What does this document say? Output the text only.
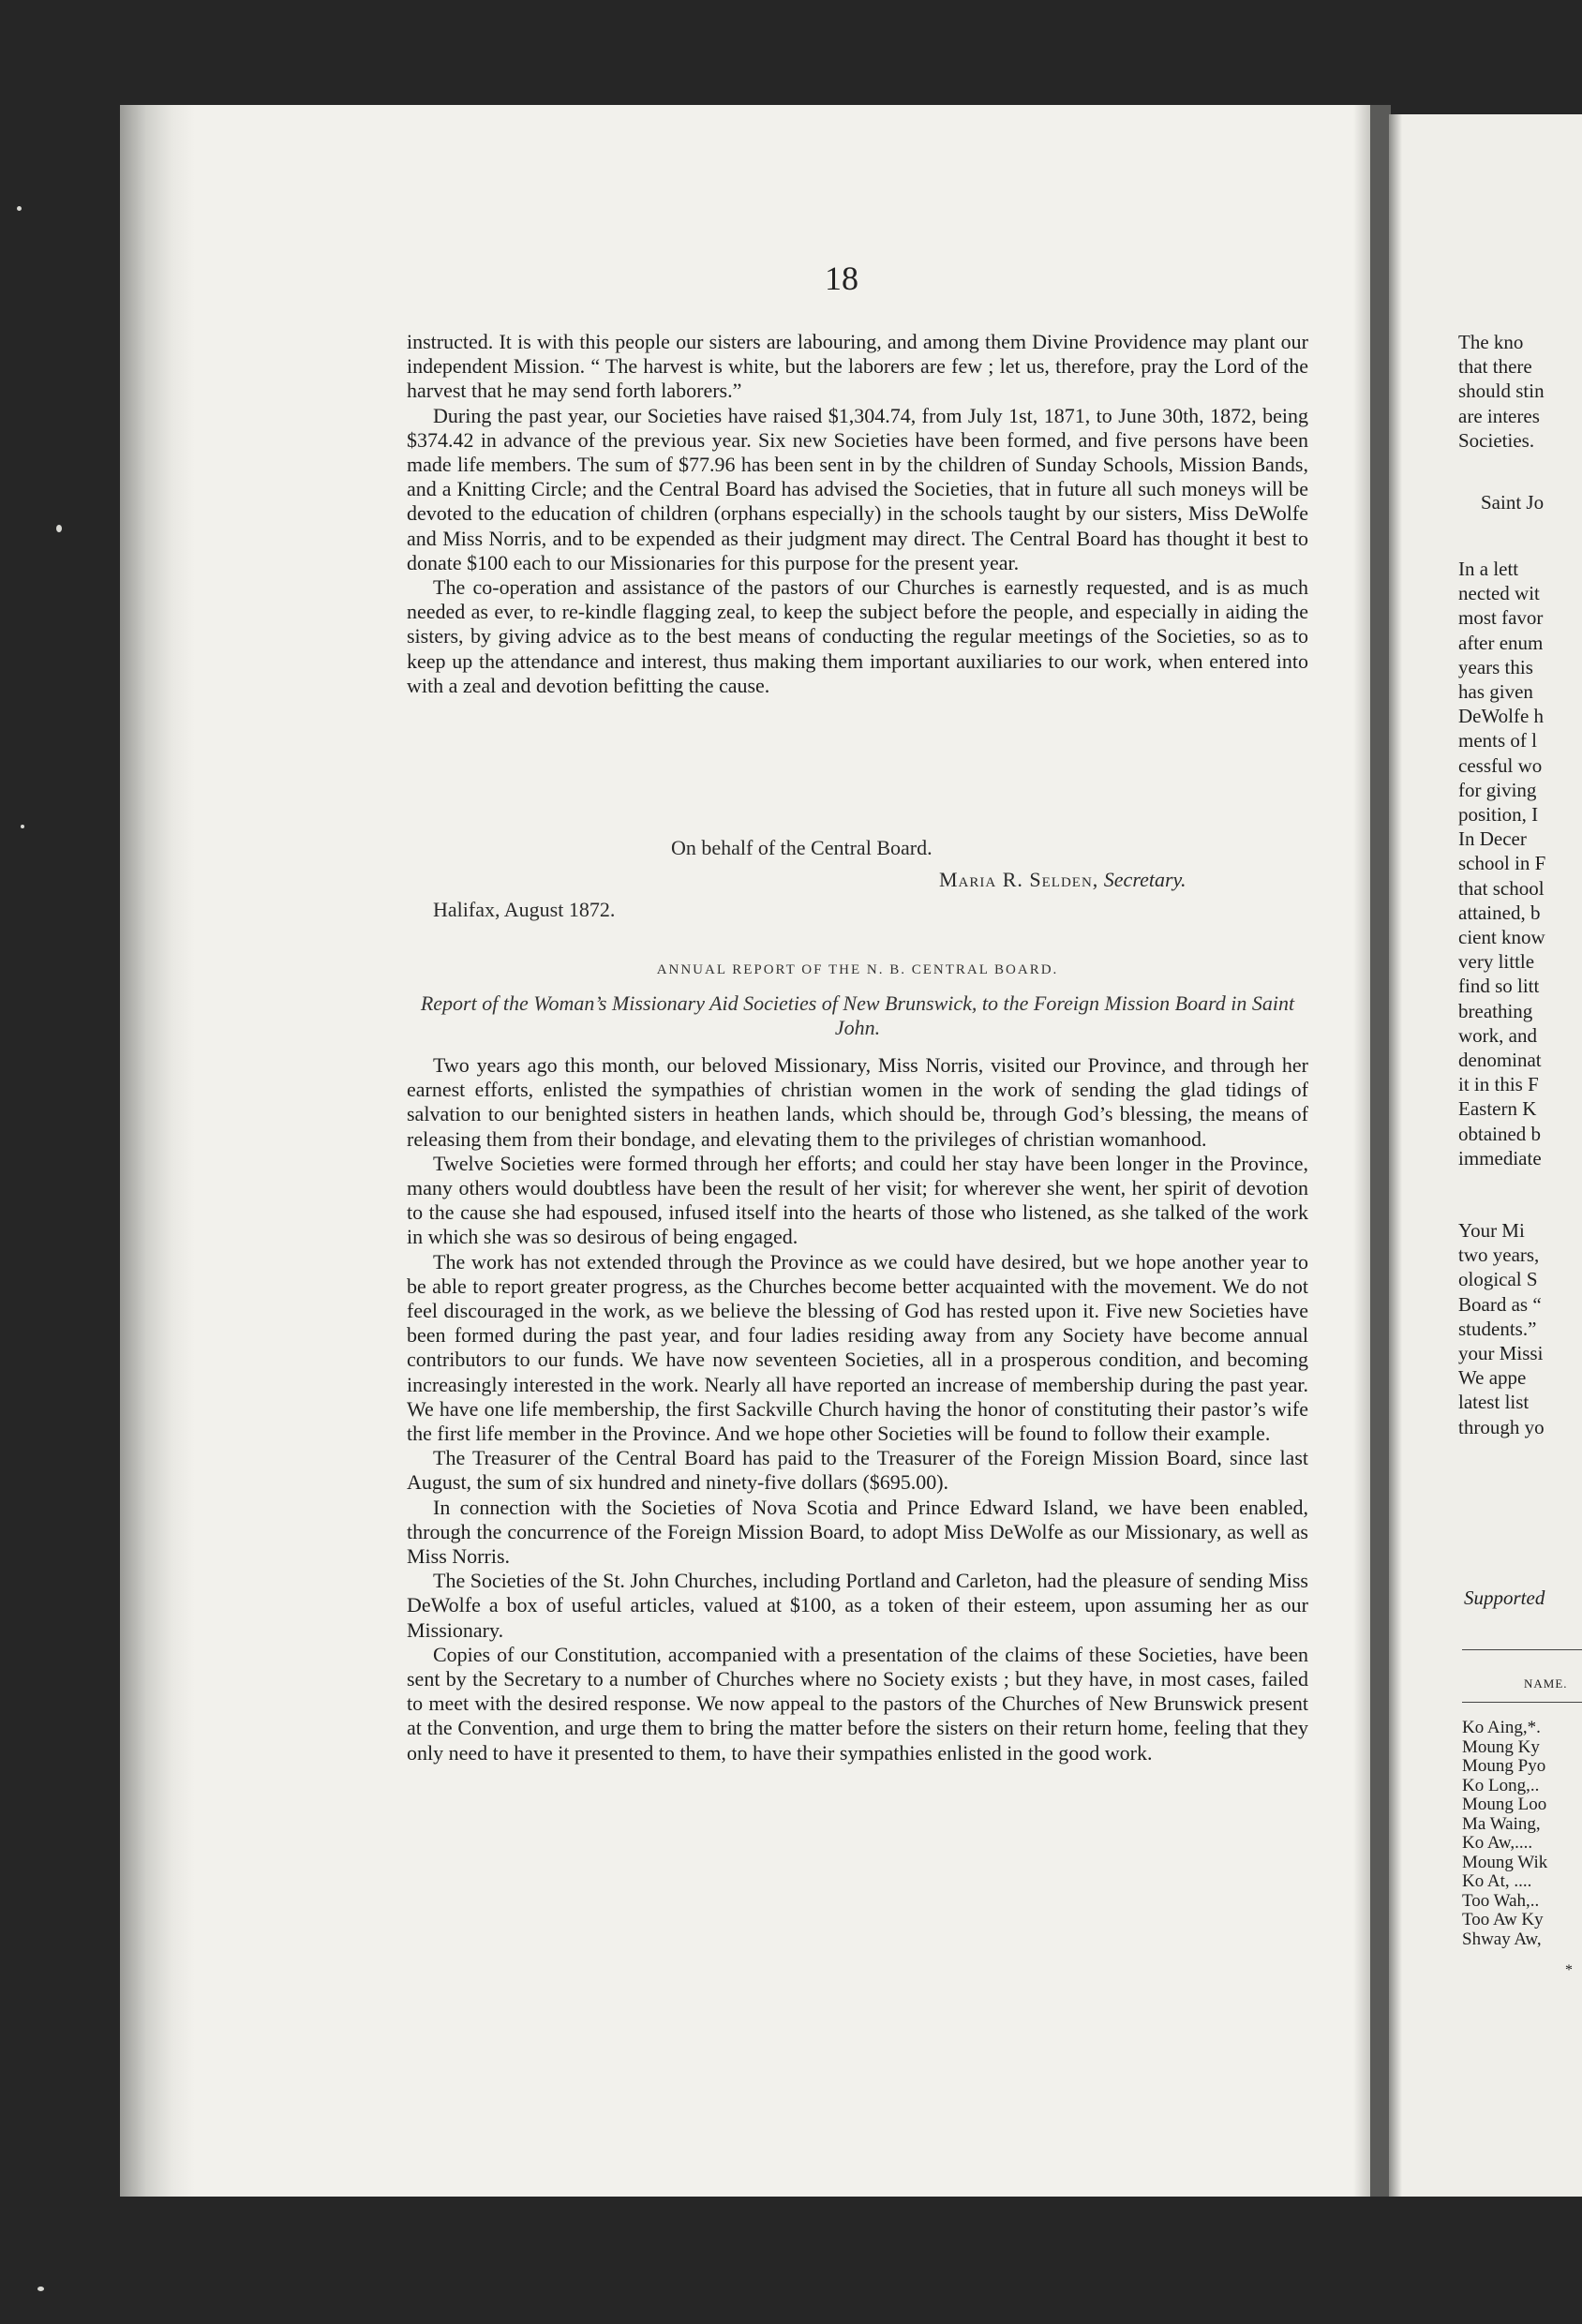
18

instructed. It is with this people our sisters are labouring, and among them Divine Providence may plant our independent Mission. “ The harvest is white, but the laborers are few ; let us, therefore, pray the Lord of the harvest that he may send forth laborers.”

During the past year, our Societies have raised $1,304.74, from July 1st, 1871, to June 30th, 1872, being $374.42 in advance of the previous year. Six new Societies have been formed, and five persons have been made life members. The sum of $77.96 has been sent in by the children of Sunday Schools, Mission Bands, and a Knitting Circle; and the Central Board has advised the Societies, that in future all such moneys will be devoted to the education of children (orphans especially) in the schools taught by our sisters, Miss DeWolfe and Miss Norris, and to be expended as their judgment may direct. The Central Board has thought it best to donate $100 each to our Missionaries for this purpose for the present year.

The co-operation and assistance of the pastors of our Churches is earnestly requested, and is as much needed as ever, to re-kindle flagging zeal, to keep the subject before the people, and especially in aiding the sisters, by giving advice as to the best means of conducting the regular meetings of the Societies, so as to keep up the attendance and interest, thus making them important auxiliaries to our work, when entered into with a zeal and devotion befitting the cause.

On behalf of the Central Board.
Maria R. Selden, Secretary.
Halifax, August 1872.
ANNUAL REPORT OF THE N. B. CENTRAL BOARD.
Report of the Woman’s Missionary Aid Societies of New Brunswick, to the Foreign Mission Board in Saint John.

Two years ago this month, our beloved Missionary, Miss Norris, visited our Province, and through her earnest efforts, enlisted the sympathies of christian women in the work of sending the glad tidings of salvation to our benighted sisters in heathen lands, which should be, through God’s blessing, the means of releasing them from their bondage, and elevating them to the privileges of christian womanhood.

Twelve Societies were formed through her efforts; and could her stay have been longer in the Province, many others would doubtless have been the result of her visit; for wherever she went, her spirit of devotion to the cause she had espoused, infused itself into the hearts of those who listened, as she talked of the work in which she was so desirous of being engaged.

The work has not extended through the Province as we could have desired, but we hope another year to be able to report greater progress, as the Churches become better acquainted with the movement. We do not feel discouraged in the work, as we believe the blessing of God has rested upon it. Five new Societies have been formed during the past year, and four ladies residing away from any Society have become annual contributors to our funds. We have now seventeen Societies, all in a prosperous condition, and becoming increasingly interested in the work. Nearly all have reported an increase of membership during the past year. We have one life membership, the first Sackville Church having the honor of constituting their pastor’s wife the first life member in the Province. And we hope other Societies will be found to follow their example.

The Treasurer of the Central Board has paid to the Treasurer of the Foreign Mission Board, since last August, the sum of six hundred and ninety-five dollars ($695.00).

In connection with the Societies of Nova Scotia and Prince Edward Island, we have been enabled, through the concurrence of the Foreign Mission Board, to adopt Miss DeWolfe as our Missionary, as well as Miss Norris.

The Societies of the St. John Churches, including Portland and Carleton, had the pleasure of sending Miss DeWolfe a box of useful articles, valued at $100, as a token of their esteem, upon assuming her as our Missionary.

Copies of our Constitution, accompanied with a presentation of the claims of these Societies, have been sent by the Secretary to a number of Churches where no Society exists ; but they have, in most cases, failed to meet with the desired response. We now appeal to the pastors of the Churches of New Brunswick present at the Convention, and urge them to bring the matter before the sisters on their return home, feeling that they only need to have it presented to them, to have their sympathies enlisted in the good work.

The kno
that there
should stin
are interes
Societies.
Saint Jo
In a lett
nected wit
most favor
after enum
years this
has given
DeWolfe h
ments of l
cessful wo
for giving
position, I
In Decer
school in F
that school
attained, b
cient know
very little
find so litt
breathing
work, and
denominat
it in this F
Eastern K
obtained b
immediate
Your Mi
two years,
ological S
Board as “
students.”
your Missi
We appe
latest list
through yo
Supported
NAME.
Ko Aing,*.
Moung Ky
Moung Pyo
Ko Long,..
Moung Loo
Ma Waing,
Ko Aw,....
Moung Wik
Ko At, ....
Too Wah,..
Too Aw Ky
Shway Aw,
*
